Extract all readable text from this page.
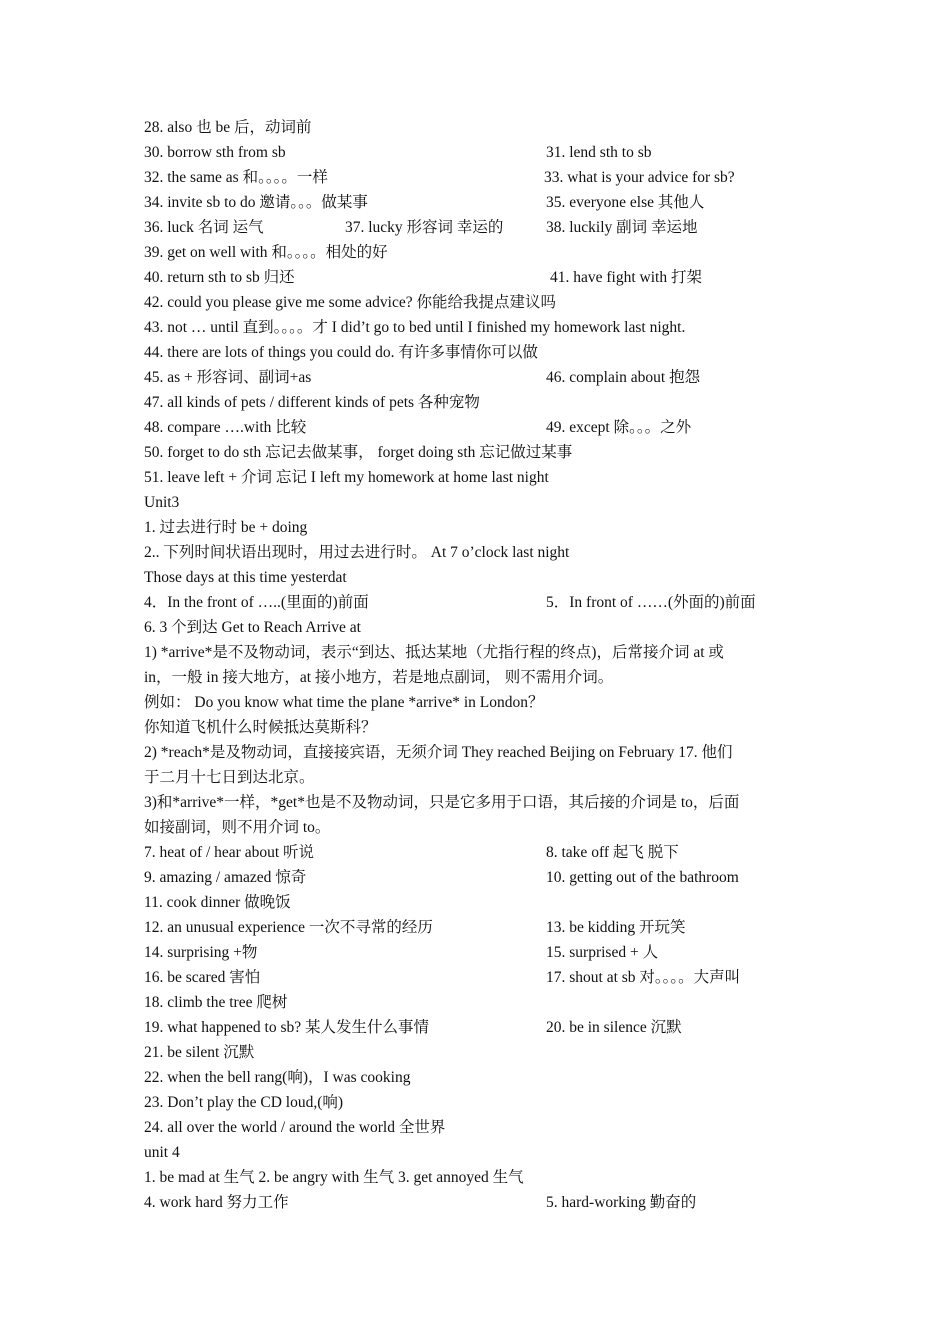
28. also 也 be 后，动词前
30. borrow sth from sb	31. lend sth to sb
32. the same as 和。。。。一样	33. what is your advice for sb?
34. invite sb to do 邀请。。。做某事	35. everyone else 其他人
36. luck 名词 运气	37. lucky 形容词 幸运的	38. luckily 副词 幸运地
39. get on well with 和。。。。相处的好
40. return sth to sb 归还	41. have fight with 打架
42. could you please give me some advice? 你能给我提点建议吗
43. not … until 直到。。。。才 I did’t go to bed until I finished my homework last night.
44. there are lots of things you could do. 有许多事情你可以做
45. as + 形容词、副词+as	46. complain about 抱怨
47. all kinds of pets / different kinds of pets 各种宠物
48. compare ….with 比较	49. except 除。。。之外
50. forget to do sth 忘记去做某事， forget doing sth 忘记做过某事
51. leave left + 介词 忘记 I left my homework at home last night
Unit3
1. 过去进行时 be + doing
2.. 下列时间状语出现时，用过去进行时。 At 7 o’clock last night
Those days at this time yesterdat
4．In the front of …..(里面的)前面	5．In front of ……(外面的)前面
6. 3 个到达 Get to Reach Arrive at
1) *arrive*是不及物动词，表示“到达、抵达某地（尤指行程的终点)，后常接介词 at 或
in，一般 in 接大地方，at 接小地方，若是地点副词， 则不需用介词。
例如： Do you know what time the plane *arrive* in London？
你知道飞机什么时候抵达莫斯科？
2) *reach*是及物动词，直接接宾语，无须介词 They reached Beijing on February 17. 他们
于二月十七日到达北京。
3)和*arrive*一样，*get*也是不及物动词，只是它多用于口语，其后接的介词是 to，后面
如接副词，则不用介词 to。
7. heat of / hear about 听说	8. take off 起飞 脱下
9. amazing / amazed 惊奇	10. getting out of the bathroom
11. cook dinner 做晚饭
12. an unusual experience 一次不寻常的经历	13. be kidding 开玩笑
14. surprising +物	15. surprised + 人
16. be scared 害怕	17. shout at sb 对。。。。大声叫
18. climb the tree 爬树
19. what happened to sb? 某人发生什么事情	20. be in silence 沉默
21. be silent 沉默
22. when the bell rang(响)，I was cooking
23. Don’t play the CD loud,(响)
24. all over the world / around the world 全世界
unit 4
1. be mad at 生气 2. be angry with 生气 3. get annoyed 生气
4. work hard 努力工作	5. hard-working 勤奋的
